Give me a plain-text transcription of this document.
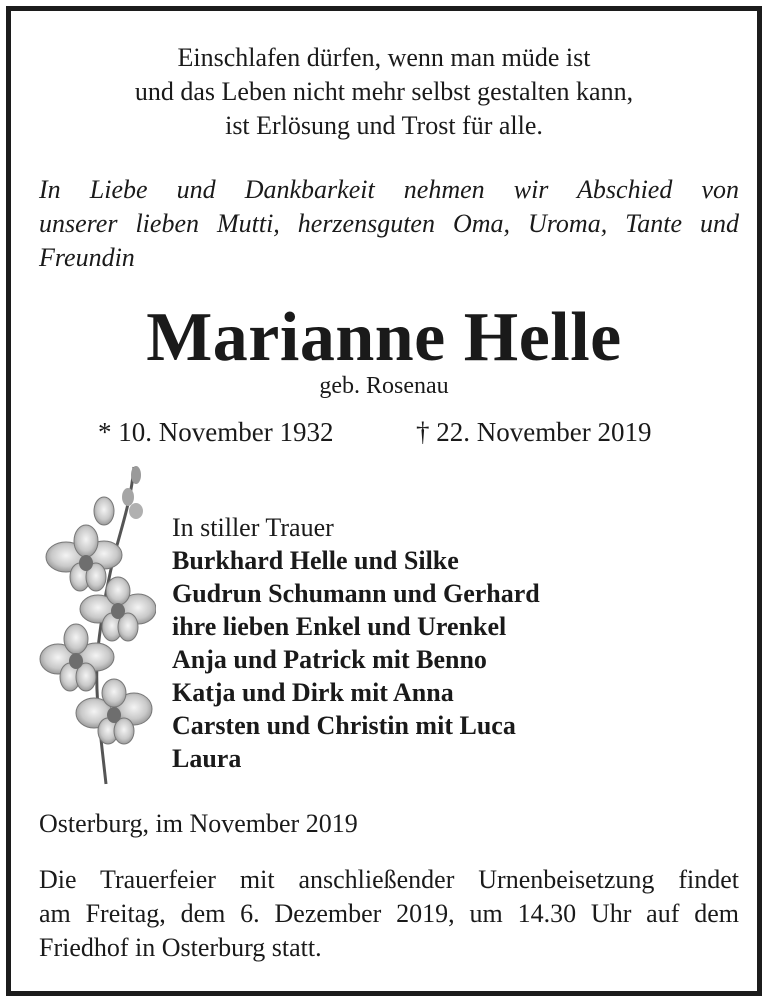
Einschlafen dürfen, wenn man müde ist
und das Leben nicht mehr selbst gestalten kann,
ist Erlösung und Trost für alle.
In Liebe und Dankbarkeit nehmen wir Abschied von
unserer lieben Mutti, herzensguten Oma, Uroma, Tante und
Freundin
Marianne Helle
geb. Rosenau
* 10. November 1932	† 22. November 2019
In stiller Trauer
Burkhard Helle und Silke
Gudrun Schumann und Gerhard
ihre lieben Enkel und Urenkel
Anja und Patrick mit Benno
Katja und Dirk mit Anna
Carsten und Christin mit Luca
Laura
Osterburg, im November 2019
Die Trauerfeier mit anschließender Urnenbeisetzung findet
am Freitag, dem 6. Dezember 2019, um 14.30 Uhr auf dem
Friedhof in Osterburg statt.
